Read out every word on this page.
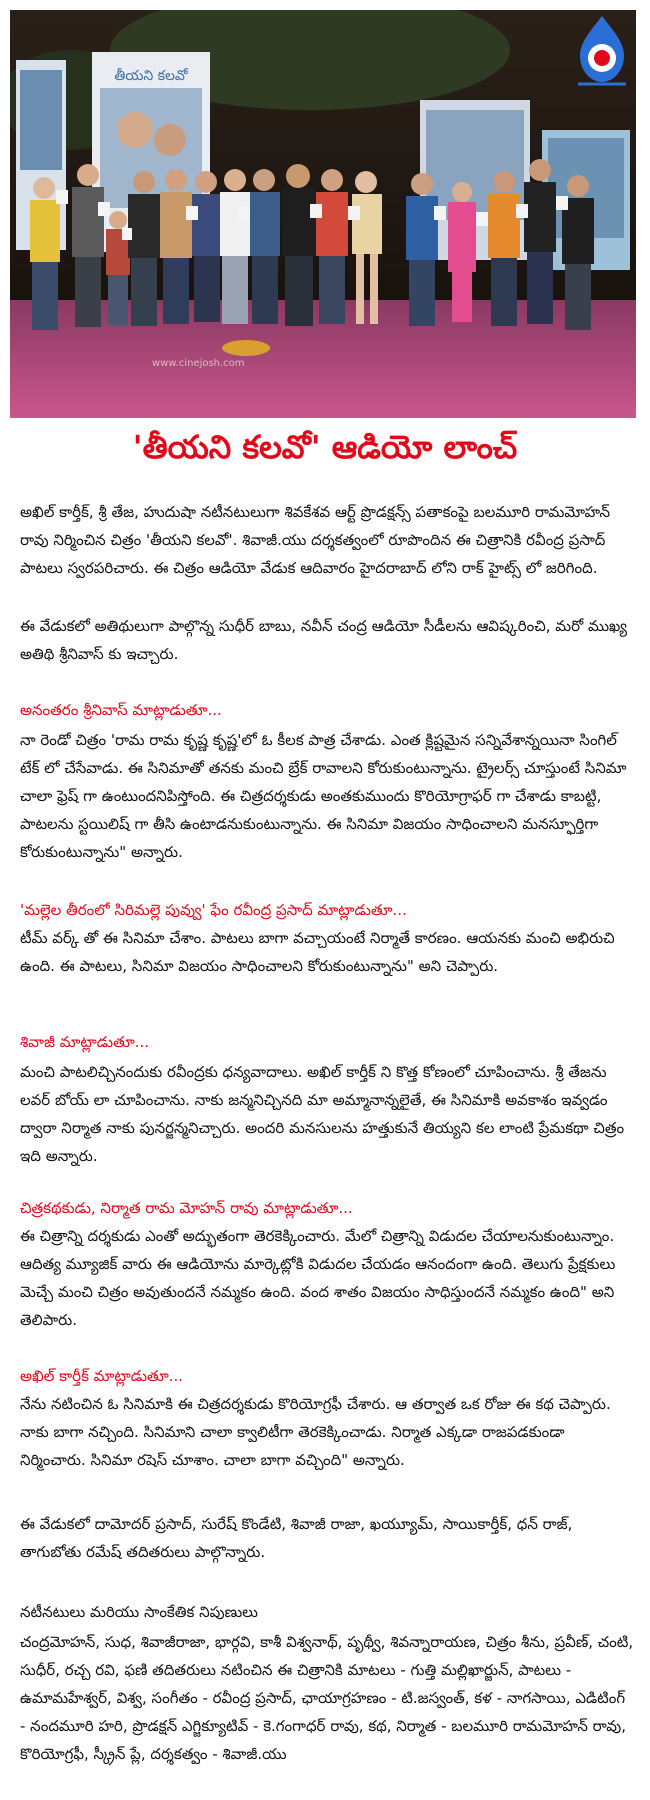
తీయని కలవో
www.cinejosh.com
'తీయని కలవో' ఆడియో లాంచ్
అఖిల్ కార్తీక్, శ్రీ తేజ, హుదుషా నటీనటులుగా శివకేశవ ఆర్ట్ ప్రొడక్షన్స్ పతాకంపై బలమూరి రామమోహన్ రావు నిర్మించిన చిత్రం 'తీయని కలవో'. శివాజీ.యు దర్శకత్వంలో రూపొందిన ఈ చిత్రానికి రవీంద్ర ప్రసాద్ పాటలు స్వరపరిచారు. ఈ చిత్రం ఆడియో వేడుక ఆదివారం హైదరాబాద్ లోని రాక్ హైట్స్ లో జరిగింది.
ఈ వేడుకలో అతిథులుగా పాల్గొన్న సుధీర్ బాబు, నవీన్ చంద్ర ఆడియో సీడీలను ఆవిష్కరించి, మరో ముఖ్య అతిథి శ్రీనివాస్ కు ఇచ్చారు.
అనంతరం శ్రీనివాస్ మాట్లాడుతూ...
నా రెండో చిత్రం 'రామ రామ కృష్ణ కృష్ణ'లో ఓ కీలక పాత్ర చేశాడు. ఎంత క్లిష్టమైన సన్నివేశాన్నయినా సింగిల్ టేక్ లో చేసేవాడు. ఈ సినిమాతో తనకు మంచి బ్రేక్ రావాలని కోరుకుంటున్నాను. ట్రైలర్స్ చూస్తుంటే సినిమా చాలా ఫ్రెష్ గా ఉంటుందనిపిస్తోంది. ఈ చిత్రదర్శకుడు అంతకుముందు కొరియోగ్రాఫర్ గా చేశాడు కాబట్టి, పాటలను స్టయిలిష్ గా తీసి ఉంటాడనుకుంటున్నాను. ఈ సినిమా విజయం సాధించాలని మనస్ఫూర్తిగా కోరుకుంటున్నాను" అన్నారు.
'మల్లెల తీరంలో సిరిమల్లె పువ్వు' ఫేం రవీంద్ర ప్రసాద్ మాట్లాడుతూ...
టీమ్ వర్క్ తో ఈ సినిమా చేశాం. పాటలు బాగా వచ్చాయంటే నిర్మాతే కారణం. ఆయనకు మంచి అభిరుచి ఉంది. ఈ పాటలు, సినిమా విజయం సాధించాలని కోరుకుంటున్నాను" అని చెప్పారు.
శివాజీ మాట్లాడుతూ...
మంచి పాటలిచ్చినందుకు రవీంద్రకు ధన్యవాదాలు. అఖిల్ కార్తీక్ ని కొత్త కోణంలో చూపించాను. శ్రీ తేజను లవర్ బోయ్ లా చూపించాను. నాకు జన్మనిచ్చినది మా అమ్మానాన్నలైతే, ఈ సినిమాకి అవకాశం ఇవ్వడం ద్వారా నిర్మాత నాకు పునర్జన్మనిచ్చారు. అందరి మనసులను హత్తుకునే తియ్యని కల లాంటి ప్రేమకథా చిత్రం ఇది అన్నారు.
చిత్రకథకుడు, నిర్మాత రామ మోహన్ రావు మాట్లాడుతూ...
ఈ చిత్రాన్ని దర్శకుడు ఎంతో అద్భుతంగా తెరకెక్కించారు. మేలో చిత్రాన్ని విడుదల చేయాలనుకుంటున్నాం. ఆదిత్య మ్యూజిక్ వారు ఈ ఆడియోను మార్కెట్లోకి విడుదల చేయడం ఆనందంగా ఉంది. తెలుగు ప్రేక్షకులు మెచ్చే మంచి చిత్రం అవుతుందనే నమ్మకం ఉంది. వంద శాతం విజయం సాధిస్తుందనే నమ్మకం ఉంది" అని తెలిపారు.
అఖిల్ కార్తీక్ మాట్లాడుతూ...
నేను నటించిన ఓ సినిమాకి ఈ చిత్రదర్శకుడు కొరియోగ్రఫీ చేశారు. ఆ తర్వాత ఒక రోజు ఈ కథ చెప్పారు. నాకు బాగా నచ్చింది. సినిమాని చాలా క్వాలిటీగా తెరకెక్కించాడు. నిర్మాత ఎక్కడా రాజపడకుండా నిర్మించారు. సినిమా రషెస్ చూశాం. చాలా బాగా వచ్చింది" అన్నారు.
ఈ వేడుకలో దామోదర్ ప్రసాద్, సురేష్ కొండేటి, శివాజీ రాజా, ఖయ్యూమ్, సాయికార్తీక్, ధన్ రాజ్, తాగుబోతు రమేష్ తదితరులు పాల్గొన్నారు.
నటీనటులు మరియు సాంకేతిక నిపుణులు
చంద్రమోహన్, సుధ, శివాజీరాజా, భార్గవి, కాశీ విశ్వనాథ్, పృథ్వీ, శివన్నారాయణ, చిత్రం శీను, ప్రవీణ్, చంటి, సుధీర్, రచ్చ రవి, ఫణి తదితరులు నటించిన ఈ చిత్రానికి మాటలు - గుత్తి మల్లిఖార్జున్, పాటలు - ఉమామహేశ్వర్, విశ్వ, సంగీతం - రవీంద్ర ప్రసాద్, ఛాయాగ్రహణం - టి.జస్వంత్, కళ - నాగసాయి, ఎడిటింగ్ - నందమూరి హరి, ప్రొడక్షన్ ఎగ్జిక్యూటివ్ - కె.గంగాధర్ రావు, కథ, నిర్మాత - బలమూరి రామమోహన్ రావు, కొరియోగ్రఫీ, స్క్రీన్ ప్లే, దర్శకత్వం - శివాజీ.యు
